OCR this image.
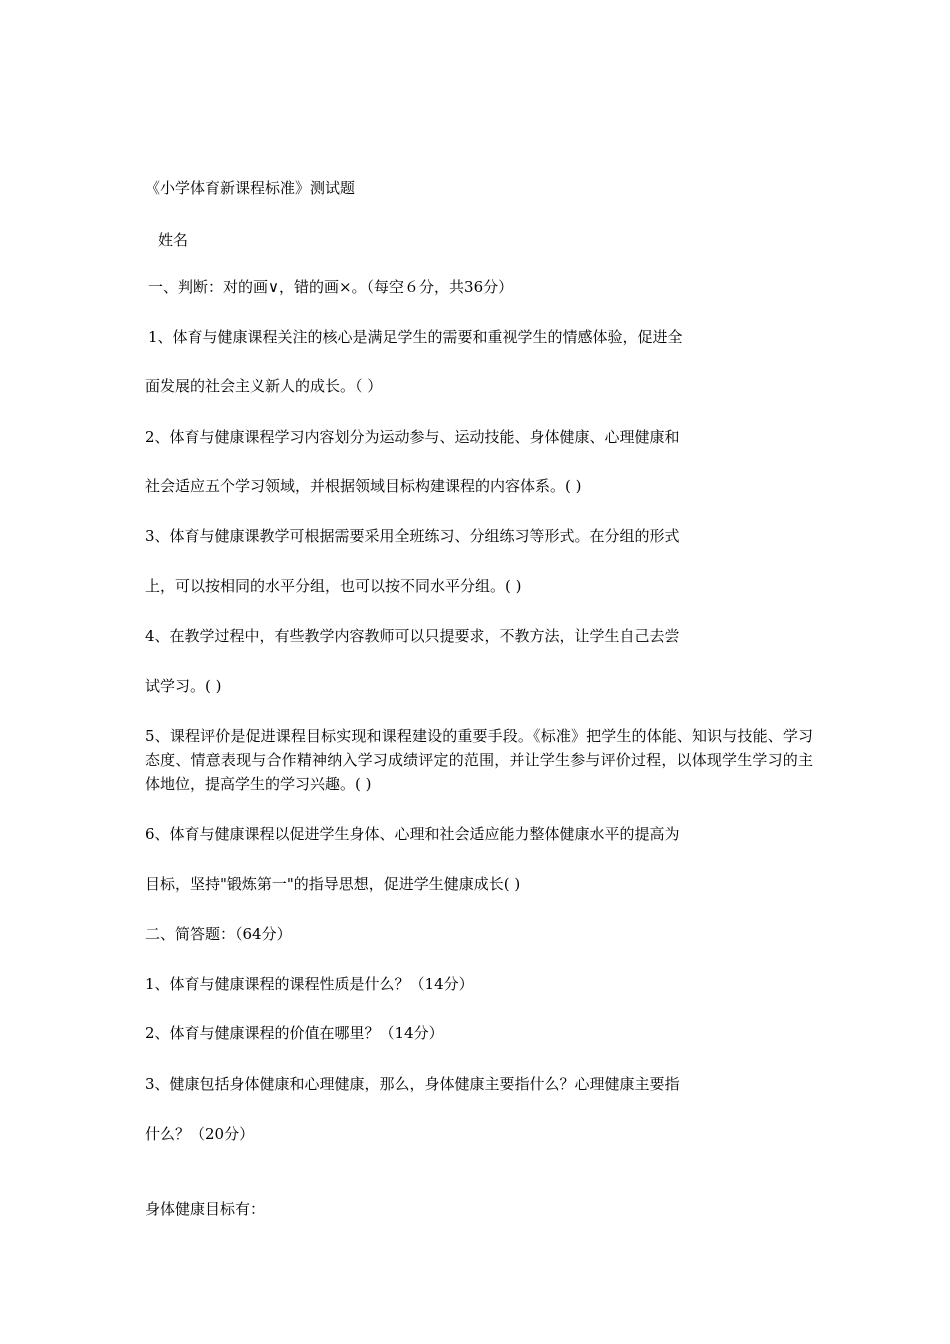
《小学体育新课程标准》测试题
姓名
一、判断：对的画∨，错的画×。（每空６分，共36分）
1、体育与健康课程关注的核心是满足学生的需要和重视学生的情感体验，促进全
面发展的社会主义新人的成长。（ ）
2、体育与健康课程学习内容划分为运动参与、运动技能、身体健康、心理健康和
社会适应五个学习领域，并根据领域目标构建课程的内容体系。( )
3、体育与健康课教学可根据需要采用全班练习、分组练习等形式。在分组的形式
上，可以按相同的水平分组，也可以按不同水平分组。( )
4、在教学过程中，有些教学内容教师可以只提要求，不教方法，让学生自己去尝
试学习。( )
5、课程评价是促进课程目标实现和课程建设的重要手段。《标准》把学生的体能、知识与技能、学习态度、情意表现与合作精神纳入学习成绩评定的范围，并让学生参与评价过程，以体现学生学习的主体地位，提高学生的学习兴趣。( )
6、体育与健康课程以促进学生身体、心理和社会适应能力整体健康水平的提高为
目标，坚持"锻炼第一"的指导思想，促进学生健康成长( )
二、简答题：（64分）
1、体育与健康课程的课程性质是什么？（14分）
2、体育与健康课程的价值在哪里？（14分）
3、健康包括身体健康和心理健康，那么，身体健康主要指什么？心理健康主要指
什么？（20分）
身体健康目标有：
